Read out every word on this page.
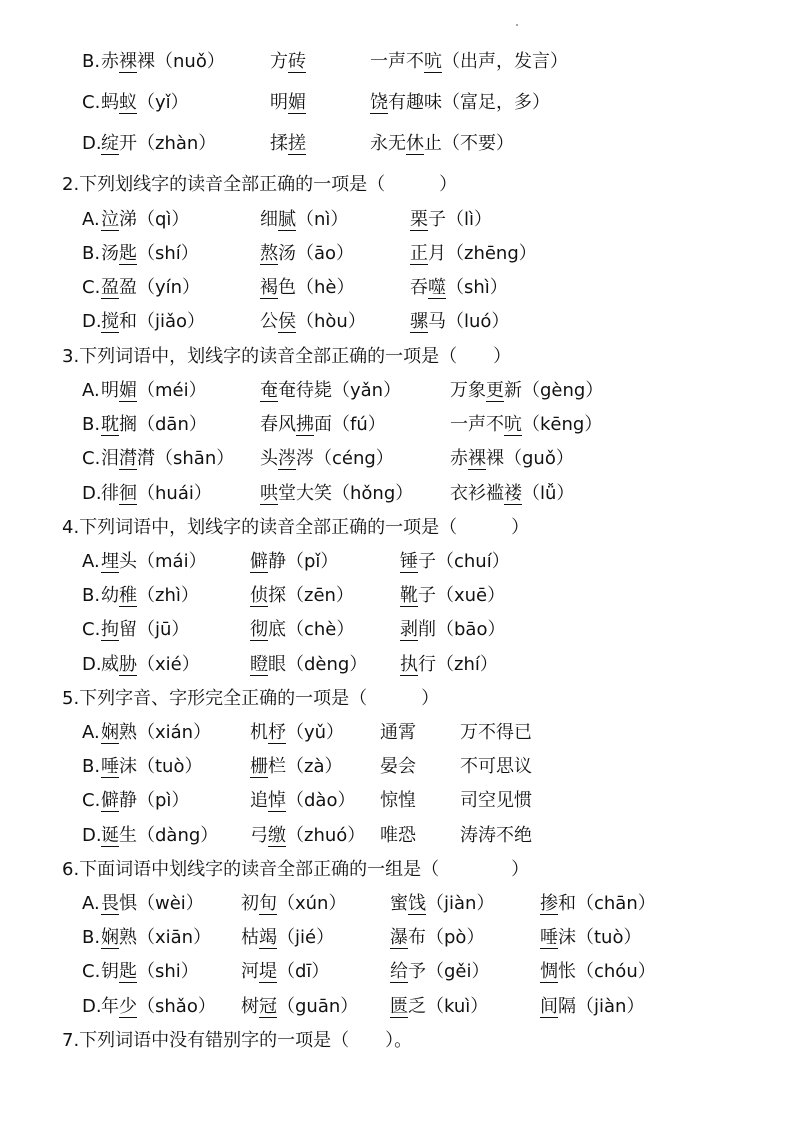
B. 赤裸裸（nuǒ）	方砖	一声不吭（出声，发言）
C. 蚂蚁（yǐ）	明媚	饶有趣味（富足，多）
D. 绽开（zhàn）	揉搓	永无休止（不要）
2.下列划线字的读音全部正确的一项是（　　　）
A. 泣涕（qì）	细腻（nì）	栗子（lì）
B. 汤匙（shí）	熬汤（āo）	正月（zhēng）
C. 盈盈（yín）	褐色（hè）	吞噬（shì）
D. 搅和（jiǎo）	公侯（hòu） 骡马（luó）
3.下列词语中，划线字的读音全部正确的一项是（　　）
A. 明媚（méi）	奄奄待毙（yǎn）	万象更新（gèng）
B. 耽搁（dān）	春风拂面（fú）	一声不吭（kēng）
C. 泪潸潸（shān） 头涔涔（céng）	赤裸裸（guǒ）
D. 徘徊（huái）	哄堂大笑（hǒng） 衣衫褴褛（lǚ）
4.下列词语中，划线字的读音全部正确的一项是（　　　）
A. 埋头（mái） 僻静（pǐ）	锤子（chuí）
B. 幼稚（zhì）	侦探（zēn）	靴子（xuē）
C. 拘留（jū）	彻底（chè）	剥削（bāo）
D. 威胁（xié）	瞪眼（dèng） 执行（zhí）
5.下列字音、字形完全正确的一项是（　　　）
A. 娴熟（xián） 机杼（yǔ） 通霄 万不得已
B. 唾沫（tuò）	栅栏（zà） 晏会 不可思议
C. 僻静（pì）	追悼（dào） 惊惶 司空见惯
D. 诞生（dàng） 弓缴（zhuó） 唯恐 涛涛不绝
6.下面词语中划线字的读音全部正确的一组是（　　　　）
A. 畏惧（wèi） 初旬（xún） 蜜饯（jiàn）	掺和（chān）
B. 娴熟（xiān） 枯竭（jié）	瀑布（pò）	唾沫（tuò）
C. 钥匙（shi） 河堤（dī）	给予（gěi）	惆怅（chóu）
D. 年少（shǎo） 树冠（guān） 匮乏（kuì）	间隔（jiàn）
7.下列词语中没有错别字的一项是（　　）。
